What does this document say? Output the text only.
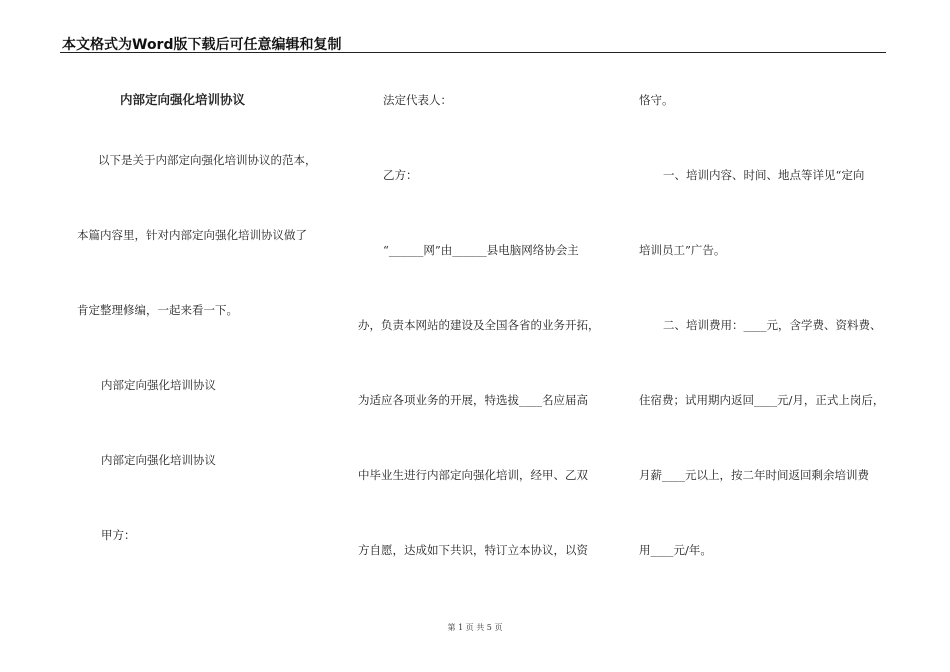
本文格式为Word版下载后可任意编辑和复制
内部定向强化培训协议
以下是关于内部定向强化培训协议的范本，
本篇内容里，针对内部定向强化培训协议做了
肯定整理修编，一起来看一下。
内部定向强化培训协议
内部定向强化培训协议
甲方：
法定代表人：
乙方：
“______网”由______县电脑网络协会主
办，负责本网站的建设及全国各省的业务开拓，
为适应各项业务的开展，特选拔____名应届高
中毕业生进行内部定向强化培训，经甲、乙双
方自愿，达成如下共识，特订立本协议，以资
恪守。
一、培训内容、时间、地点等详见“定向
培训员工”广告。
二、培训费用：____元，含学费、资料费、
住宿费；试用期内返回____元/月，正式上岗后，
月薪____元以上，按二年时间返回剩余培训费
用____元/年。
第 1 页 共 5 页
